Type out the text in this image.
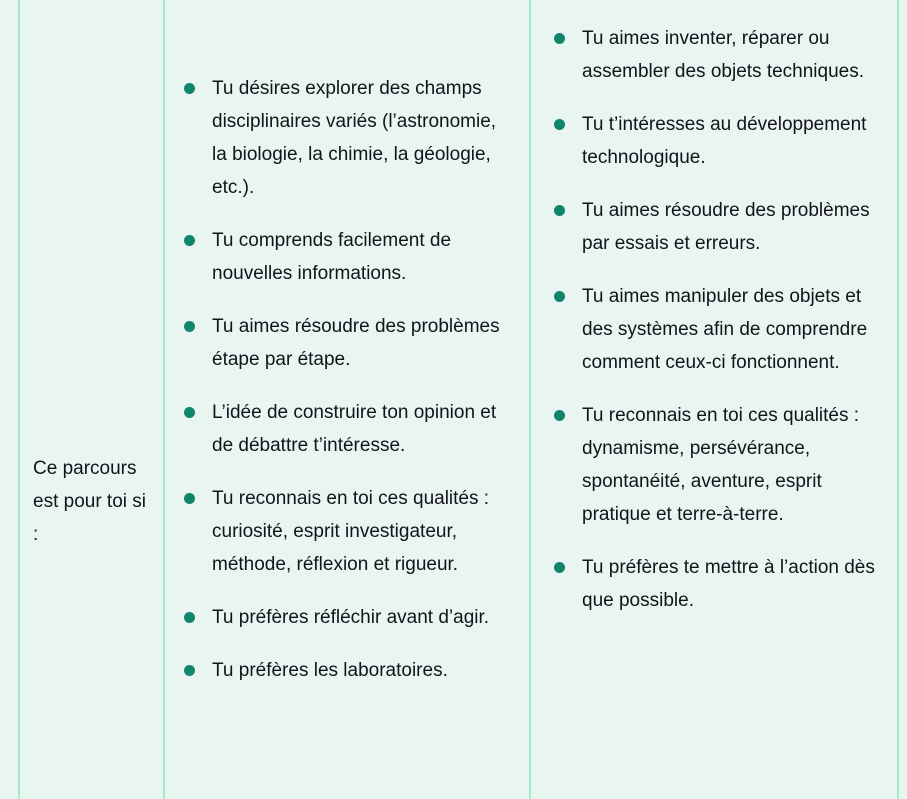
Ce parcours est pour toi si :
Tu désires explorer des champs disciplinaires variés (l’astronomie, la biologie, la chimie, la géologie, etc.).
Tu comprends facilement de nouvelles informations.
Tu aimes résoudre des problèmes étape par étape.
L’idée de construire ton opinion et de débattre t’intéresse.
Tu reconnais en toi ces qualités : curiosité, esprit investigateur, méthode, réflexion et rigueur.
Tu préfères réfléchir avant d’agir.
Tu préfères les laboratoires.
Tu aimes inventer, réparer ou assembler des objets techniques.
Tu t’intéresses au développement technologique.
Tu aimes résoudre des problèmes par essais et erreurs.
Tu aimes manipuler des objets et des systèmes afin de comprendre comment ceux-ci fonctionnent.
Tu reconnais en toi ces qualités : dynamisme, persévérance, spontanéité, aventure, esprit pratique et terre-à-terre.
Tu préfères te mettre à l’action dès que possible.
